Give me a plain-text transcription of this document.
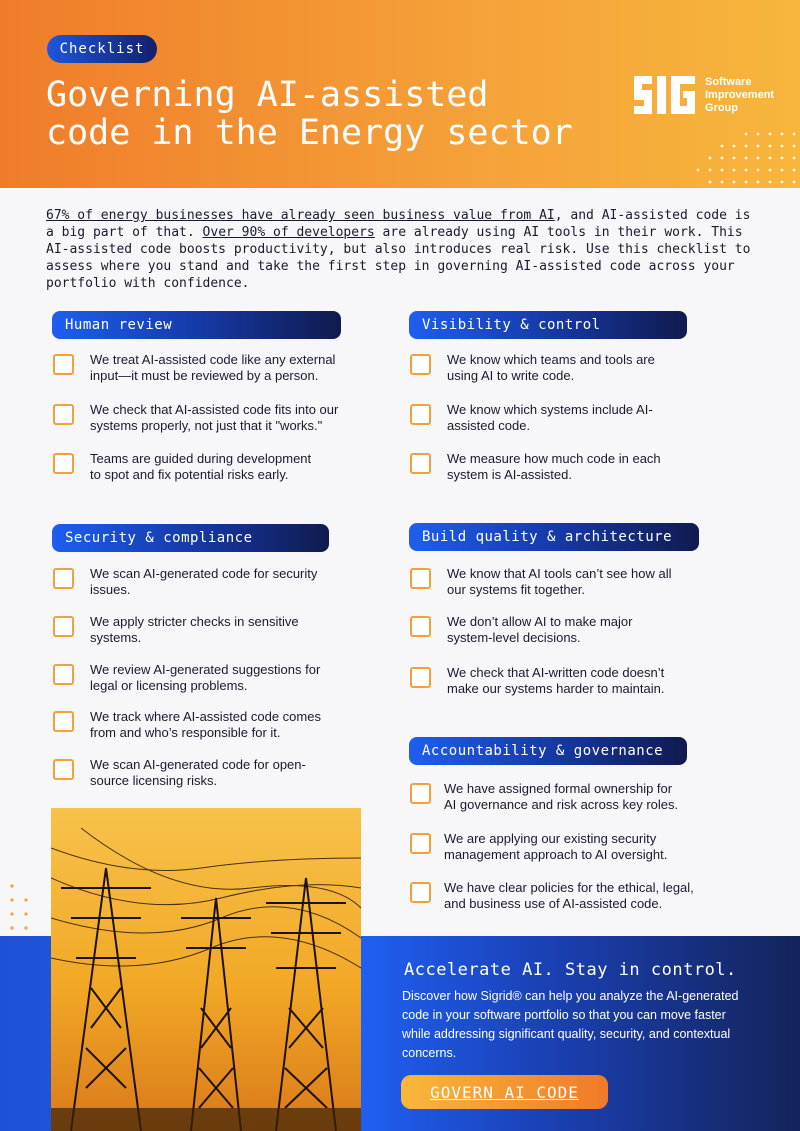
Checklist
Governing AI-assisted
code in the Energy sector
Software
Improvement
Group

67% of energy businesses have already seen business value from AI, and AI-assisted code is a big part of that. Over 90% of developers are already using AI tools in their work. This AI-assisted code boosts productivity, but also introduces real risk. Use this checklist to assess where you stand and take the first step in governing AI-assisted code across your portfolio with confidence.

Human review
We treat AI-assisted code like any external
input—it must be reviewed by a person.
We check that AI-assisted code fits into our
systems properly, not just that it "works."
Teams are guided during development
to spot and fix potential risks early.
Visibility & control
We know which teams and tools are
using AI to write code.
We know which systems include AI-
assisted code.
We measure how much code in each
system is AI-assisted.
Security & compliance
We scan AI-generated code for security
issues.
We apply stricter checks in sensitive
systems.
We review AI-generated suggestions for
legal or licensing problems.
We track where AI-assisted code comes
from and who’s responsible for it.
We scan AI-generated code for open-
source licensing risks.
Build quality & architecture
We know that AI tools can’t see how all
our systems fit together.
We don’t allow AI to make major
system-level decisions.
We check that AI-written code doesn’t
make our systems harder to maintain.
Accountability & governance
We have assigned formal ownership for
AI governance and risk across key roles.
We are applying our existing security
management approach to AI oversight.
We have clear policies for the ethical, legal,
and business use of AI-assisted code.
Accelerate AI. Stay in control.

Discover how Sigrid® can help you analyze the AI-generated code in your software portfolio so that you can move faster while addressing significant quality, security, and contextual concerns.

GOVERN AI CODE
